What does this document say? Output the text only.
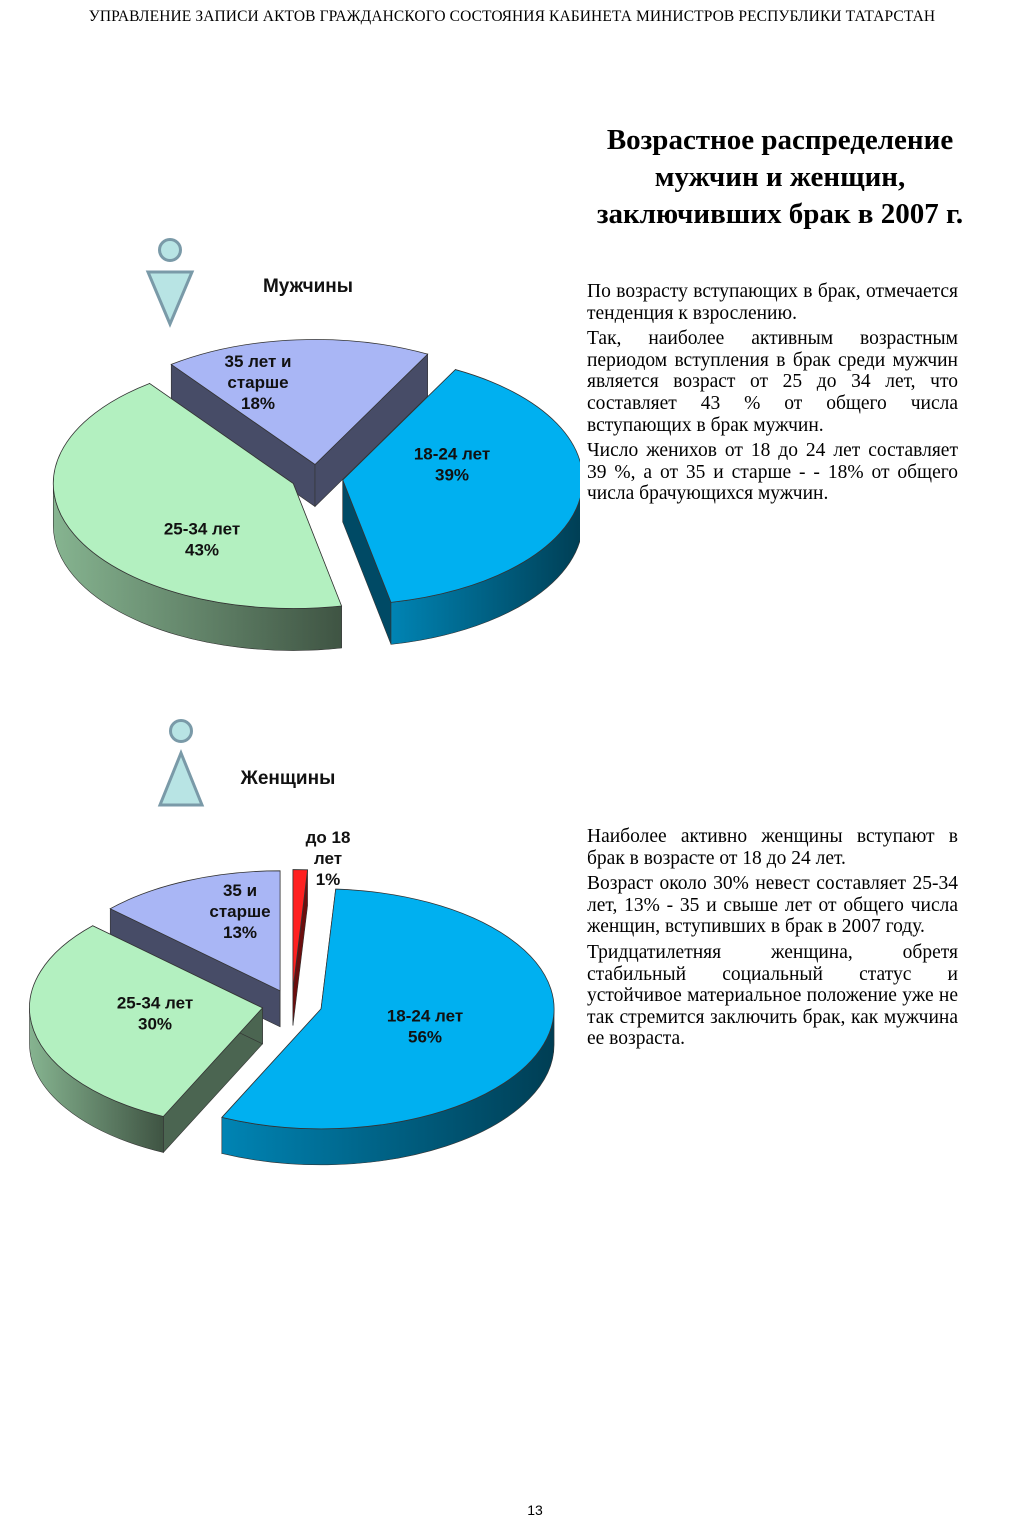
УПРАВЛЕНИЕ ЗАПИСИ АКТОВ ГРАЖДАНСКОГО СОСТОЯНИЯ КАБИНЕТА МИНИСТРОВ РЕСПУБЛИКИ ТАТАРСТАН
Возрастное распределение мужчин и женщин, заключивших брак в 2007 г.

По возрасту вступающих в брак, отмечается тенденция к взрослению.

Так, наиболее активным возрастным периодом вступления в брак среди мужчин является возраст от 25 до 34 лет, что составляет 43 % от общего числа вступающих в брак мужчин.

Число женихов от 18 до 24 лет составляет 39 %, а от 35 и старше - - 18% от общего числа брачующихся мужчин.

Наиболее активно женщины вступают в брак в возрасте от 18 до 24 лет.

Возраст около 30% невест составляет 25-34 лет, 13% - 35 и свыше лет от общего числа женщин, вступивших в брак в 2007 году.

Тридцатилетняя женщина, обретя стабильный социальный статус и устойчивое материальное положение уже не так стремится заключить брак, как мужчина ее возраста.

Мужчины
18-24 лет 39%
25-34 лет 43%
35 лет и старше 18%
Женщины
до 18 лет 1%
18-24 лет 56%
25-34 лет 30%
35 и старше 13%
13
